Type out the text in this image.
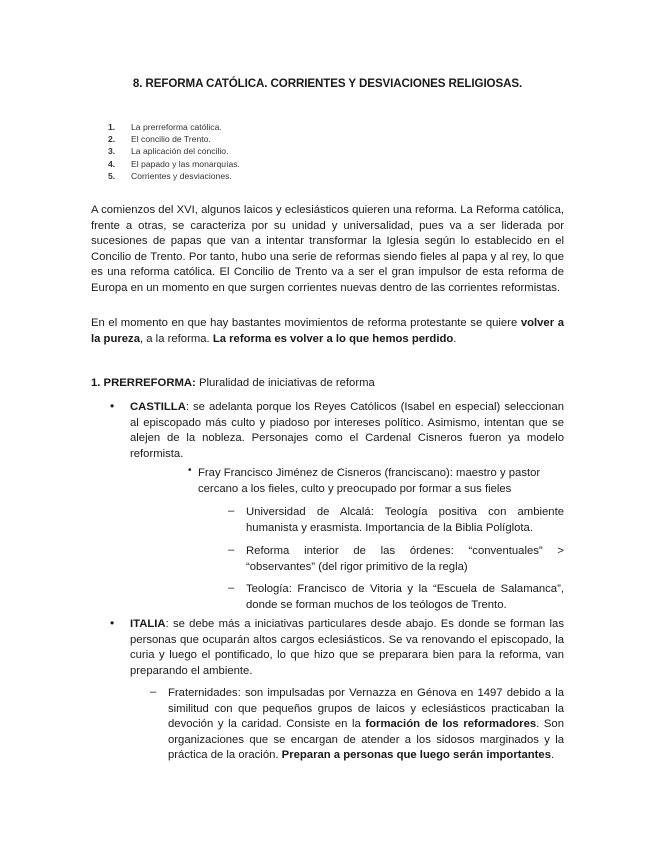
8. REFORMA CATÓLICA. CORRIENTES Y DESVIACIONES RELIGIOSAS.
1.	La prerreforma católica.
2.	El concilio de Trento.
3.	La aplicación del concilio.
4.	El papado y las monarquías.
5.	Corrientes y desviaciones.
A comienzos del XVI, algunos laicos y eclesiásticos quieren una reforma. La Reforma católica, frente a otras, se caracteriza por su unidad y universalidad, pues va a ser liderada por sucesiones de papas que van a intentar transformar la Iglesia según lo establecido en el Concilio de Trento. Por tanto, hubo una serie de reformas siendo fieles al papa y al rey, lo que es una reforma católica. El Concilio de Trento va a ser el gran impulsor de esta reforma de Europa en un momento en que surgen corrientes nuevas dentro de las corrientes reformistas.
En el momento en que hay bastantes movimientos de reforma protestante se quiere volver a la pureza, a la reforma. La reforma es volver a lo que hemos perdido.
1. PRERREFORMA: Pluralidad de iniciativas de reforma
• CASTILLA: se adelanta porque los Reyes Católicos (Isabel en especial) seleccionan al episcopado más culto y piadoso por intereses político. Asimismo, intentan que se alejen de la nobleza. Personajes como el Cardenal Cisneros fueron ya modelo reformista.
• Fray Francisco Jiménez de Cisneros (franciscano): maestro y pastor cercano a los fieles, culto y preocupado por formar a sus fieles
– Universidad de Alcalá: Teología positiva con ambiente humanista y erasmista. Importancia de la Biblia Políglota.
– Reforma interior de las órdenes: “conventuales” > “observantes” (del rigor primitivo de la regla)
– Teología: Francisco de Vitoria y la “Escuela de Salamanca”, donde se forman muchos de los teólogos de Trento.
• ITALIA: se debe más a iniciativas particulares desde abajo. Es donde se forman las personas que ocuparán altos cargos eclesiásticos. Se va renovando el episcopado, la curia y luego el pontificado, lo que hizo que se preparara bien para la reforma, van preparando el ambiente.
– Fraternidades: son impulsadas por Vernazza en Génova en 1497 debido a la similitud con que pequeños grupos de laicos y eclesiásticos practicaban la devoción y la caridad. Consiste en la formación de los reformadores. Son organizaciones que se encargan de atender a los sidosos marginados y la práctica de la oración. Preparan a personas que luego serán importantes.
